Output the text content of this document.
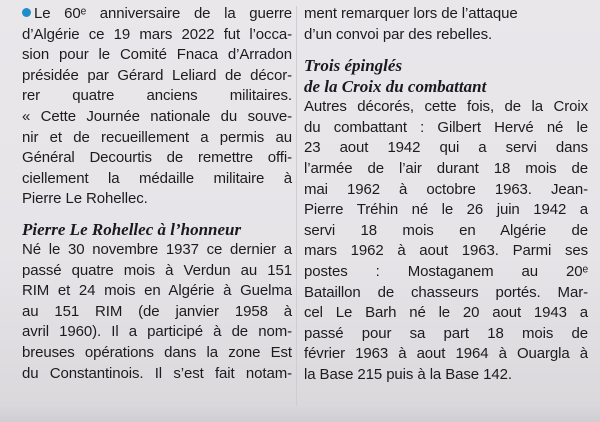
Le 60ᵉ anniversaire de la guerre

d’Algérie ce 19 mars 2022 fut l’occa-

sion pour le Comité Fnaca d’Arradon

présidée par Gérard Leliard de décor-

rer quatre anciens militaires.

« Cette Journée nationale du souve-

nir et de recueillement a permis au

Général Decourtis de remettre offi-

ciellement la médaille militaire à

Pierre Le Rohellec.

Pierre Le Rohellec à l’honneur

Né le 30 novembre 1937 ce dernier a

passé quatre mois à Verdun au 151

RIM et 24 mois en Algérie à Guelma

au 151 RIM (de janvier 1958 à

avril 1960). Il a participé à de nom-

breuses opérations dans la zone Est

du Constantinois. Il s’est fait notam-

ment remarquer lors de l’attaque

d’un convoi par des rebelles.

Trois épinglés

de la Croix du combattant

Autres décorés, cette fois, de la Croix

du combattant : Gilbert Hervé né le

23 aout 1942 qui a servi dans

l’armée de l’air durant 18 mois de

mai 1962 à octobre 1963. Jean-

Pierre Tréhin né le 26 juin 1942 a

servi 18 mois en Algérie de

mars 1962 à aout 1963. Parmi ses

postes : Mostaganem au 20ᵉ

Bataillon de chasseurs portés. Mar-

cel Le Barh né le 20 aout 1943 a

passé pour sa part 18 mois de

février 1963 à aout 1964 à Ouargla à

la Base 215 puis à la Base 142.
